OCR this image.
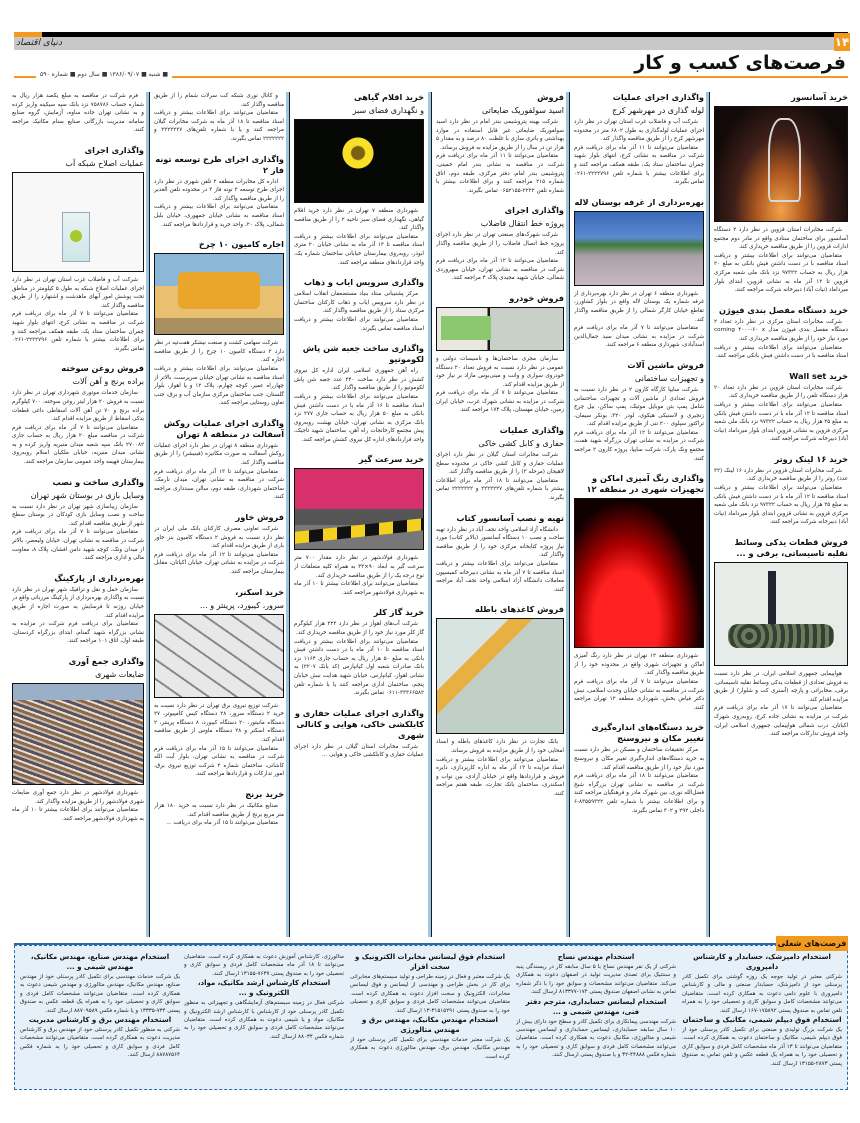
۱۴
دنیای اقتصاد
فرصت‌های کسب و کار
■ شنبه ■ ۱۳۸۶/۰۹/۰۷ ■ سال دوم ■ شماره ۵۹۰
خرید آسانسور

شرکت مخابرات استان قزوین در نظر دارد ۲ دستگاه آسانسور برای ساختمان ستادی واقع در مادر دوم مجتمع ادارات قزوین را از طریق مناقصه خریداری کند.

متقاضیان می‌توانند برای اطلاعات بیشتر و دریافت اسناد مناقصه با در دست داشتن فیش بانکی به مبلغ ۲۰ هزار ریال به حساب ۹۷۳۲۲ نزد بانک ملی شعبه مرکزی قزوین تا ۱۲ آذر ماه به نشانی قزوین، ابتدای بلوار میرداماد (نیات آباد) دبیرخانه شرکت مراجعه کنند.

خرید دستگاه مفصل بندی فیوژن

شرکت مخابرات استان مرکزی در نظر دارد تعداد ۲ دستگاه مفصل بندی فیوژن مدل corning ۴۰۰۰-۶۰ x مورد نیاز خود را از طریق مناقصه خریداری کند.

متقاضیان می‌توانند برای اطلاعات بیشتر و دریافت اسناد مناقصه با در دست داشتن فیش بانکی مراجعه کنند.

خرید Wall set

شرکت مخابرات استان قزوین در نظر دارد تعداد ۲۰ هزار دستگاه تلفن را از طریق مناقصه خریداری کند.

متقاضیان می‌توانند برای اطلاعات بیشتر و دریافت اسناد مناقصه تا ۱۲ آذر ماه با در دست داشتن فیش بانکی به مبلغ ۲۵ هزار ریال به حساب ۹۷۳۲۲ نزد بانک ملی شعبه مرکزی قزوین به نشانی قزوین ابتدای بلوار میرداماد (نیات آباد) دبیرخانه شرکت مراجعه کنند.

خرید ۱۶ لینک روتر

شرکت مخابرات استان قزوین در نظر دارد ۱۶ لینک (۳۲ عدد) روتر را از طریق مناقصه خریداری کند.

متقاضیان می‌توانند برای اطلاعات بیشتر و دریافت اسناد مناقصه تا ۱۲ آذر ماه با در دست داشتن فیش بانکی به مبلغ ۲۵ هزار ریال به حساب ۹۷۳۲۲ نزد بانک ملی شعبه مرکزی قزوین به نشانی قزوین ابتدای بلوار میرداماد (نیات آباد) دبیرخانه شرکت مراجعه کنند.

فروش قطعات یدکی وسائط نقلیه تاسیساتی، برقی و ...

هواپیمایی جمهوری اسلامی ایران، در نظر دارد نسبت به فروش تعدادی از قطعات یدکی وسائط نقلیه تاسیساتی، برقی، مخابراتی و پارچه (آستری کت و شلوار) از طریق مزایده اقدام کند.

متقاضیان می‌توانند تا ۱۷ آذر ماه برای دریافت فرم شرکت در مزایده به نشانی جاده کرج، روبه‌روی شهرک اکباتان، درب شمالی هواپیمایی جمهوری اسلامی ایران، واحد فروش تدارکات مراجعه کنند.

واگذاری اجرای عملیات
لوله گذاری در مهرشهر کرج

شرکت آب و فاضلاب غرب استان تهران در نظر دارد اجرای عملیات لوله‌گذاری به طول ۶۸۰۲ متر در محدوده مهرشهر کرج را از طریق مناقصه واگذار کند.

متقاضیان می‌توانند تا ۱۱ آذر ماه برای دریافت فرم شرکت در مناقصه به نشانی کرج، انتهای بلوار شهید چمران ساختمان ستاد یک، طبقه همکف مراجعه کنند و برای اطلاعات بیشتر با شماره تلفن ۲۲۲۲۷۹۶-۰۲۶۱ تماس بگیرند.

بهره‌برداری از غرفه بوستان لاله

شهرداری منطقه ۶ تهران در نظر دارد بهره‌برداری از غرفه شماره یک بوستان لاله واقع در بلوار کشاورز، تقاطع خیابان کارگر شمالی را از طریق مناقصه واگذار کند.

متقاضیان می‌توانند تا ۷ آذر ماه برای دریافت فرم شرکت در مزایده به نشانی میدان سید جمال‌الدین اسدآبادی، شهرداری منطقه ۶ مراجعه کنند.

فروش ماشین آلات
و تجهیزات ساختمانی

شرکت سایپا کارگاه کارون ۲ در نظر دارد نسبت به فروش تعدادی از ماشین آلات و تجهیزات ساختمانی شامل پمپ بتن موبایل موتیک، پمپ ساکن، بیل چرخ زنجیری و لاستیکی هیکوی، لودر ۳۲۰، بونکر سیمان، تراکتور سپلوی ۲۰۰ تنی از طریق مزایده اقدام کند.

متقاضیان می‌توانند تا ۱۲ آذر ماه برای دریافت فرم شرکت در مزایده به نشانی تهران بزرگراه شهید همت، مجتمع ونک پارک، شرکت سایپا، پروژه کارون ۲ مراجعه کنند.

واگذاری رنگ آمیزی اماکن و تجهیزات شهری در منطقه ۱۲

شهرداری منطقه ۱۲ تهران در نظر دارد رنگ آمیزی اماکن و تجهیزات شهری واقع در محدوده خود را از طریق مناقصه واگذار کند.

متقاضیان می‌توانند تا ۷ آذر ماه برای دریافت فرم شرکت در مناقصه به نشانی خیابان وحدت اسلامی، نبش دکتر فیاض بخش، شهرداری منطقه ۱۲ تهران مراجعه کنند.

خرید دستگاه‌های اندازه‌گیری تغییر مکان و نیروسنج

مرکز تحقیقات ساختمان و مسکن در نظر دارد نسبت به خرید دستگاه‌های اندازه‌گیری تغییر مکان و نیروسنج مورد نیاز خود را از طریق مناقصه اقدام کند.

متقاضیان می‌توانند تا ۱۸ آذر ماه برای دریافت فرم شرکت در مناقصه به نشانی تهران بزرگراه شیخ فضل‌الله نوری، بین شهرک مادر و فرهنگیان مراجعه کنند و برای اطلاعات بیشتر با شماره تلفن ۸۳۵۵۹۳۲۲-۶ داخلی ۲۹۲ و ۳۰۲ تماس بگیرند.

فروش
اسید سولفوریک ضایعاتی

شرکت بهینه پتروشیمی بندر امام در نظر دارد اسید سولفوریک ضایعاتی غیر قابل استفاده در موارد بهداشتی و باتری سازی با غلظت ۸۰ درصد و به مقدار ۵ هزار تن در سال را از طریق مزایده به فروش برساند.

متقاضیان می‌توانند تا ۱۱ آذر ماه برای دریافت فرم شرکت در مناقصه به نشانی بندر امام خمینی، پتروشیمی بندر امام، دفتر مرکزی، طبقه دوم، اتاق شماره ۲۱۵ مراجعه کنند و برای اطلاعات بیشتر با شماره تلفن ۲۲۲۲-۰۶۵۲۱۵۵ تماس بگیرند.

واگذاری اجرای
پروژه خط انتقال فاضلاب

شرکت شهرک‌های صنعتی تهران در نظر دارد اجرای پروژه خط اتصال فاضلاب را از طریق مناقصه واگذار کند.

متقاضیان می‌توانند تا ۱۲ آذر ماه برای دریافت فرم شرکت در مناقصه به نشانی تهران، خیابان سهروردی شمالی، خیابان شهید مجیدی پلاک ۴ مراجعه کنند.

فروش خودرو

سازمان مجری ساختمان‌ها و تاسیسات دولتی و عمومی در نظر دارد نسبت به فروش تعداد ۲۰ دستگاه خودروی سواری و وانت و مینی‌بوس مازاد بر نیاز خود از طریق مزایده اقدام کند.

متقاضیان می‌توانند تا ۷ آذر ماه برای دریافت فرم شرکت در مزایده به نشانی شهرک غرب، خیابان ایران زمین، خیابان مهستان، پلاک ۱۷۴ مراجعه کنند.

واگذاری عملیات
حفاری و کابل کشی خاکی

شرکت مخابرات استان گیلان در نظر دارد اجرای عملیات حفاری و کابل کشی خاکی در محدوده سطح لاهیجان (مرحله ۳) را از طریق مناقصه واگذار کند.

متقاضیان می‌توانند تا ۱۸ آذر ماه برای اطلاعات بیشتر با شماره تلفن‌های ۲۲۲۲۲۲۷ و ۲۲۲۲۲۲۲ تماس بگیرند.

تهیه و نصب آسانسور کتاب

دانشگاه آزاد اسلامی واحد نجف آباد در نظر دارد تهیه ساخت و نصب ۱۰ دستگاه آسانسور (بالابر کتاب) مورد نیاز پروژه کتابخانه مرکزی خود را از طریق مناقصه واگذار کند.

متقاضیان می‌توانند برای اطلاعات بیشتر و دریافت اسناد مناقصه تا ۷ آذر ماه به نشانی دبیرخانه کمیسیون معاملات دانشگاه آزاد اسلامی واحد نجف آباد مراجعه کنند.

فروش کاغذهای باطله

بانک تجارت در نظر دارد کاغذهای باطله و اسناد امحایی خود را از طریق مزایده به فروش برساند.

متقاضیان می‌توانند برای اطلاعات بیشتر و دریافت اسناد مزایده تا ۱۳ آذر ماه به اداره کارپردازی، دایره فروش و قراردادها واقع در خیابان آزادی، بین نواب و اسکندری، ساختمان بانک تجارت، طبقه هفتم مراجعه کنند.

خرید اقلام گیاهی
و نگهداری فضای سبز

شهرداری منطقه ۷ تهران در نظر دارد خرید اقلام گیاهی، نگهداری فضای سبز ناحیه ۲ را از طریق مناقصه واگذار کند.

متقاضیان می‌توانند برای اطلاعات بیشتر و دریافت اسناد مناقصه تا ۱۳ آذر ماه به نشانی خیابان ۲۰ متری ابوذر، روبه‌روی بیمارستان خیابانی ساختمان شماره یک، واحد قراردادهای منطقه مراجعه کنند.

واگذاری سرویس ایاب و ذهاب

مرکز پشتیبانی ستاد بنیاد مستضعفان انقلاب اسلامی در نظر دارد سرویس ایاب و ذهاب کارکنان ساختمان مرکزی ستاد را از طریق مناقصه واگذار کند.

متقاضیان می‌توانند برای اطلاعات بیشتر و دریافت اسناد مناقصه تماس بگیرند.

واگذاری ساخت جعبه شن پاش لکوموتیو

راه آهن جمهوری اسلامی ایران اداره کل نیروی کشش در نظر دارد ساخت ۲۴۰ عدد جعبه شن پاش لکوموتیو را از طریق مناقصه واگذار کند.

متقاضیان می‌توانند برای اطلاعات بیشتر و دریافت اسناد مناقصه تا ۱۶ آذر ماه با در دست داشتن فیش بانکی به مبلغ ۵۰ هزار ریال به حساب جاری ۲۷۷ نزد بانک مرکزی به نشانی تهران، خیابان بهشت روبه‌روی پیش مجتمع کارخانجات راه آهن، ساختمان شهید تاجیک، واحد قراردادهای اداره کل نیروی کشش مراجعه کنند.

خرید سرعت گیر

شهرداری فولادشهر در نظر دارد مقدار ۷۰۰ متر سرعت گیر به ابعاد ۹۰×۳۳ به همراه کلیه متعلقات از نوع درجه یک را از طریق مناقصه خریداری کند.

متقاضیان می‌توانند برای اطلاعات بیشتر تا ۱۰ آذر ماه به شهرداری فولادشهر مراجعه کنند.

خرید گاز کلر

شرکت آب‌های اهواز در نظر دارد ۲۲۲ هزار کیلوگرم گاز کلر مورد نیاز خود را از طریق مناقصه خریداری کند.

متقاضیان می‌توانند برای اطلاعات بیشتر و دریافت اسناد مناقصه تا ۱۰ آذر ماه با در دست داشتن فیش بانکی به مبلغ ۵۰ هزار ریال به حساب جاری ۱۱۶۴ نزد بانک صادرات شعبه اول کیانپارس (کد بانک ۲۲۰۷) به نشانی اهواز، کیانپارس، خیابان شهید هدایت نبش خیابان پنجم، ساختمان اداری مراجعه کنند یا با شماره تلفن ۳۳۳۶۶۵۸۲-۰۶۱۱ تماس بگیرند.

واگذاری اجرای عملیات حفاری و کابلکشی خاکی، هوایی و کانالی شهری

شرکت مخابرات استان گیلان در نظر دارد اجرای عملیات حفاری و کابلکشی خاکی و هوایی ...

و کانال نوری شبکه کت سرلات شمام را از طریق مناقصه واگذار کند.

متقاضیان می‌توانند برای اطلاعات بیشتر و دریافت اسناد مناقصه تا ۱۸ آذر ماه به شرکت مخابرات گیلان مراجعه کنند و یا با شماره تلفن‌های ۲۲۲۲۲۲۷ و ۲۲۲۲۲۲۲ تماس بگیرند.

واگذاری اجرای طرح توسعه تونه فاز ۲

اداره کل مخابرات منطقه ۲ تلفن شهری در نظر دارد اجرای طرح توسعه ۲ تونه فاز ۲ در محدوده تلفن الغدیر را از طریق مناقصه واگذار کند.

متقاضیان می‌توانند برای اطلاعات بیشتر و دریافت اسناد مناقصه به نشانی خیابان جمهوری، خیابان بلبل شمالی، پلاک ۲۰، واحد خرید و قراردادها مراجعه کنند.

اجاره کامیون ۱۰ چرخ

شرکت سهامی کشت و صنعت نیشکر هفت‌تپه در نظر دارد ۲ دستگاه کامیون ۱۰ چرخ را از طریق مناقصه اجاره کند.

متقاضیان می‌توانند برای اطلاعات بیشتر و دریافت اسناد مناقصه به نشانی تهران خیابان سرپرست، بالاتر از چهارراه عمیر، کوچه چهارم، پلاک ۱۲ و یا اهواز، بلوار گلستان، جنب ساختمان مرکزی سازمان آب و برق، جنب تعاون روستایی مراجعه کنند.

واگذاری اجرای عملیات روکش آسفالت در منطقه ۸ تهران

شهرداری منطقه ۸ تهران در نظر دارد اجرای عملیات روکش آسفالت به صورت مکانیزه (فینیشر) را از طریق مناقصه واگذار کند.

متقاضیان می‌توانند تا ۱۳ آذر ماه برای دریافت فرم شرکت در مناقصه به نشانی تهران، میدان نارمک، ساختمان شهرداری، طبقه دوم، سالن سبدداری مراجعه کنند.

فروش خاور

شرکت تعاونی مصرف کارکنان بانک ملی ایران در نظر دارد نسبت به فروش ۲ دستگاه کامیون بنز خاور باری از طریق مزایده اقدام کند.

متقاضیان می‌توانند تا ۱۲ آذر ماه برای دریافت فرم شرکت در مزایده به نشانی تهران، خیابان اکباتان، مقابل بیمارستان مراجعه کنند.

خرید اسکنر،
سرور، کیبورد، پرینتر و ...

شرکت توزیع نیروی برق تهران در نظر دارد نسبت به خرید ۲ دستگاه سرور، ۲۸ دستگاه کیس کامپیوتر، ۲۷ دستگاه مانیتور، ۲۰ دستگاه کیبورد، ۸ دستگاه پرینتر، ۲ دستگاه اسکنر و ۲۸ دستگاه ماوس از طریق مناقصه اقدام کند.

متقاضیان می‌توانند تا ۱۵ آذر ماه برای دریافت فرم شرکت در مناقصه به نشانی تهران، بلوار آیت الله کاشانی، ساختمان شماره ۲ شرکت توزیع نیروی برق، امور تدارکات و قراردادها مراجعه کنند.

خرید برنج

صنایع مکانیک در نظر دارد نسبت به خرید ۱۸۰ هزار متر مربع برنج از طریق مناقصه اقدام کند.

متقاضیان می‌توانند تا ۱۵ آذر ماه برای دریافت ...

فرم شرکت در مناقصه به مبلغ یکصد هزار ریال به شماره حساب ۷۵۸۷۸۶ نزد بانک سپه سیکینه واریز کرده و به نشانی تهران جاده ساوه، آزمایش، گروه صنایع سامانه مدیریت بازرگانی صنایع سنام مکانیک مراجعه کنند.

واگذاری اجرای
عملیات اصلاح شبکه آب

شرکت آب و فاضلاب غرب استان تهران در نظر دارد اجرای عملیات اصلاح شبکه به طول ۵ کیلومتر در مناطق تحت پوشش امور آبهای ماهدشت و اشتهارد را از طریق مناقصه واگذار کند.

متقاضیان می‌توانند تا ۷ آذر ماه برای دریافت فرم شرکت در مناقصه به نشانی کرج، انتهای بلوار شهید چمران ساختمان ستاد یک، طبقه همکف مراجعه کنند و برای اطلاعات بیشتر با شماره تلفن ۲۲۲۲۷۹۶-۰۲۶۱ تماس بگیرند.

فروش روغن سوخته
براده برنج و آهن آلات

سازمان خدمات موتوری شهرداری تهران در نظر دارد نسبت به فروش ۲۰ هزار لیتر روغن سوخته، ۷۰۰ کیلوگرم براده برنج و ۷۰ تن آهن آلات اسقاطی داغی قطعات یدکی اسقاط از طریق مزایده اقدام کند.

متقاضیان می‌توانند تا ۷ آذر ماه برای دریافت فرم شرکت در مناقصه مبلغ ۲۰ هزار ریال به حساب جاری ۲۷۰۰۸۲ بانک سپه شعبه میدان منیریه واریز کرده و به نشانی میدان منیریه، خیابان ملکیان اسلام روبه‌روی بیمارستان فهیمه واحد عمومی سازمان مراجعه کنند.

واگذاری ساخت و نصب
وسایل بازی در بوستان شهر تهران

سازمان زیباسازی شهر تهران در نظر دارد نسبت به ساخت و نصب وسایل بازی کودکان در بوستان سطح شهر از طریق مناقصه اقدام کند.

متقاضیان می‌توانند تا ۷ آذر ماه برای دریافت فرم شرکت در مناقصه به نشانی تهران، خیابان ولیعصر، بالاتر از میدان ونک، کوچه شهید دامن افشان، پلاک ۸، معاونت مالی و اداری مراجعه کنند.

بهره‌برداری از پارکینگ

سازمان حمل و نقل و ترافیک شهر تهران در نظر دارد نسبت به واگذاری بهره‌برداری از پارکینگ مرزبانی واقع در خیابان روزنه تا فرسایش به صورت اجاره از طریق مزایده اقدام کند.

متقاضیان برای دریافت فرم شرکت در مزایده به نشانی بزرگراه شهید گمنام، ابتدای بزرگراه کردستان، طبقه اول، اتاق ۱۰۱ مراجعه کنند.

واگذاری جمع آوری
ضایعات شهری

شهرداری فولادشهر در نظر دارد جمع آوری ضایعات شهری فولادشهر را از طریق مزایده واگذار کند.

متقاضیان می‌توانند برای اطلاعات بیشتر تا ۱۰ آذر ماه به شهرداری فولادشهر مراجعه کنند.

فرصت‌های شغلی
استخدام دامپزشک، حسابدار و کارشناس دامپروری

شرکتی معتبر در تولید جوجه یک روزه گوشتی برای تکمیل کادر پرسنلی خود از دامپزشک، حسابدار صنعتی و مالی و کارشناس دامپروری با علوم دامی دعوت به همکاری کرده است. متقاضیان می‌توانند مشخصات کامل و سوابق کاری و تحصیلی خود را به همراه تلفن تماس به صندوق پستی ۱۷۵۸۹۲-۱۶۷ ارسال کنند.

استخدام فوق دیپلم شیمی، مکانیک و ساختمان

یک شرکت بزرگ تولیدی و صنعتی برای تکمیل کادر پرسنلی خود از فوق دیپلم شیمی، مکانیک و ساختمان دعوت به همکاری کرده است. متقاضیان می‌توانند تا ۱۳ آذر ماه مشخصات کامل فردی و سوابق کاری و تحصیلی خود را به همراه یک قطعه عکس و تلفن تماس به صندوق پستی ۲۸۷۳-۱۳۱۵۵ ارسال کنند.

استخدام مهندس نساج

شرکتی از یک نفر مهندس نساج با ۵ سال سابقه کار در ریسندگی پنبه و سنتتیک برای تصدی مدیریت تولید در اصفهان دعوت به همکاری می‌کند. متقاضیان می‌توانند مشخصات و سوابق خود را با ذکر شماره تماس به نشانی اصفهان صندوق پستی ۱۷۴-۸۱۳۳۷۷ ارسال کنند.

استخدام لیسانس حسابداری، مترجم دفتر فنی، مهندس شیمی و ...

شرکت مهندسی پیمانکاری برای تکمیل کادر و سطح خود دارای بیش از ۱۰ سال سابقه حسابداری، لیسانس حسابداری و لیسانس مهندسی شیمی و متالورژی، مکانیک دعوت به همکاری کرده است. متقاضیان می‌توانند مشخصات کامل فردی و سوابق کاری و تحصیلی خود را به شماره فکس ۴۴۸۸۸-۳۲ و یا صندوق پستی ارسال کنند.

استخدام فوق لیسانس مخابرات الکترونیک و سخت افزار

یک شرکت معتبر و فعال در زمینه طراحی و تولید سیستم‌های مخابراتی برای کار در بخش طراحی و مهندسی از لیسانس و فوق لیسانس مخابرات، الکترونیک و سخت افزار دعوت به همکاری کرده است. متقاضیان می‌توانند مشخصات کامل فردی و سوابق کاری و تحصیلی خود را به صندوق پستی ۳۱۵۱۵۲۹۱-۱۳ ارسال کنند.

استخدام مهندس مکانیک، مهندس برق و مهندس متالورژی

یک شرکت معتبر خدمات مهندسی برای تکمیل کادر پرسنلی خود از مهندس مکانیک، مهندس برق، مهندس متالورژی دعوت به همکاری کرده است.

متالورژی، کارشناس آموزش دعوت به همکاری کرده است. متقاضیان می‌توانند تا ۱۸ آذر ماه مشخصات کامل فردی و سوابق کاری و تحصیلی خود را به صندوق پستی ۷۶۳۷-۱۳۱۵۵ ارسال کنند.

استخدام کارشناس ارشد مکانیک، مواد، الکترونیک و ...

شرکتی فعال در زمینه سیستم‌های آزمایشگاهی و تجهیزاتی به منظور تکمیل کادر پرسنلی خود از کارشناس با کارشناس ارشد الکترونیک و مکانیک، مواد و یا شیمی دعوت به همکاری کرده است. متقاضیان می‌توانند مشخصات کامل فردی و سوابق کاری و تحصیلی خود را به شماره فکس ۸۸۰۳۴ ارسال کنند.

استخدام مهندس صنایع، مهندس مکانیک، مهندس شیمی و ...

یک شرکت خدمات مهندسی برای تکمیل کادر پرسنلی خود از مهندس صنایع، مهندس مکانیک، مهندس متالورژی و مهندس شیمی دعوت به همکاری کرده است. متقاضیان می‌توانند مشخصات کامل فردی و سوابق کاری و تحصیلی خود را به همراه یک قطعه عکس به صندوق پستی ۷۳۴-۱۳۳۳۵ و یا شماره فکس ۸۸۷۰۹۵۸۹ ارسال کنند.

استخدام مهندس برق و کارشناس مدیریت

شرکتی به منظور تکمیل کادر پرسنلی خود از مهندس برق و کارشناس مدیریت دعوت به همکاری کرده است. متقاضیان می‌توانند مشخصات کامل فردی و سوابق کاری و تحصیلی خود را به شماره فکس ۸۸۷۸۷۵۶۴ ارسال کنند.
